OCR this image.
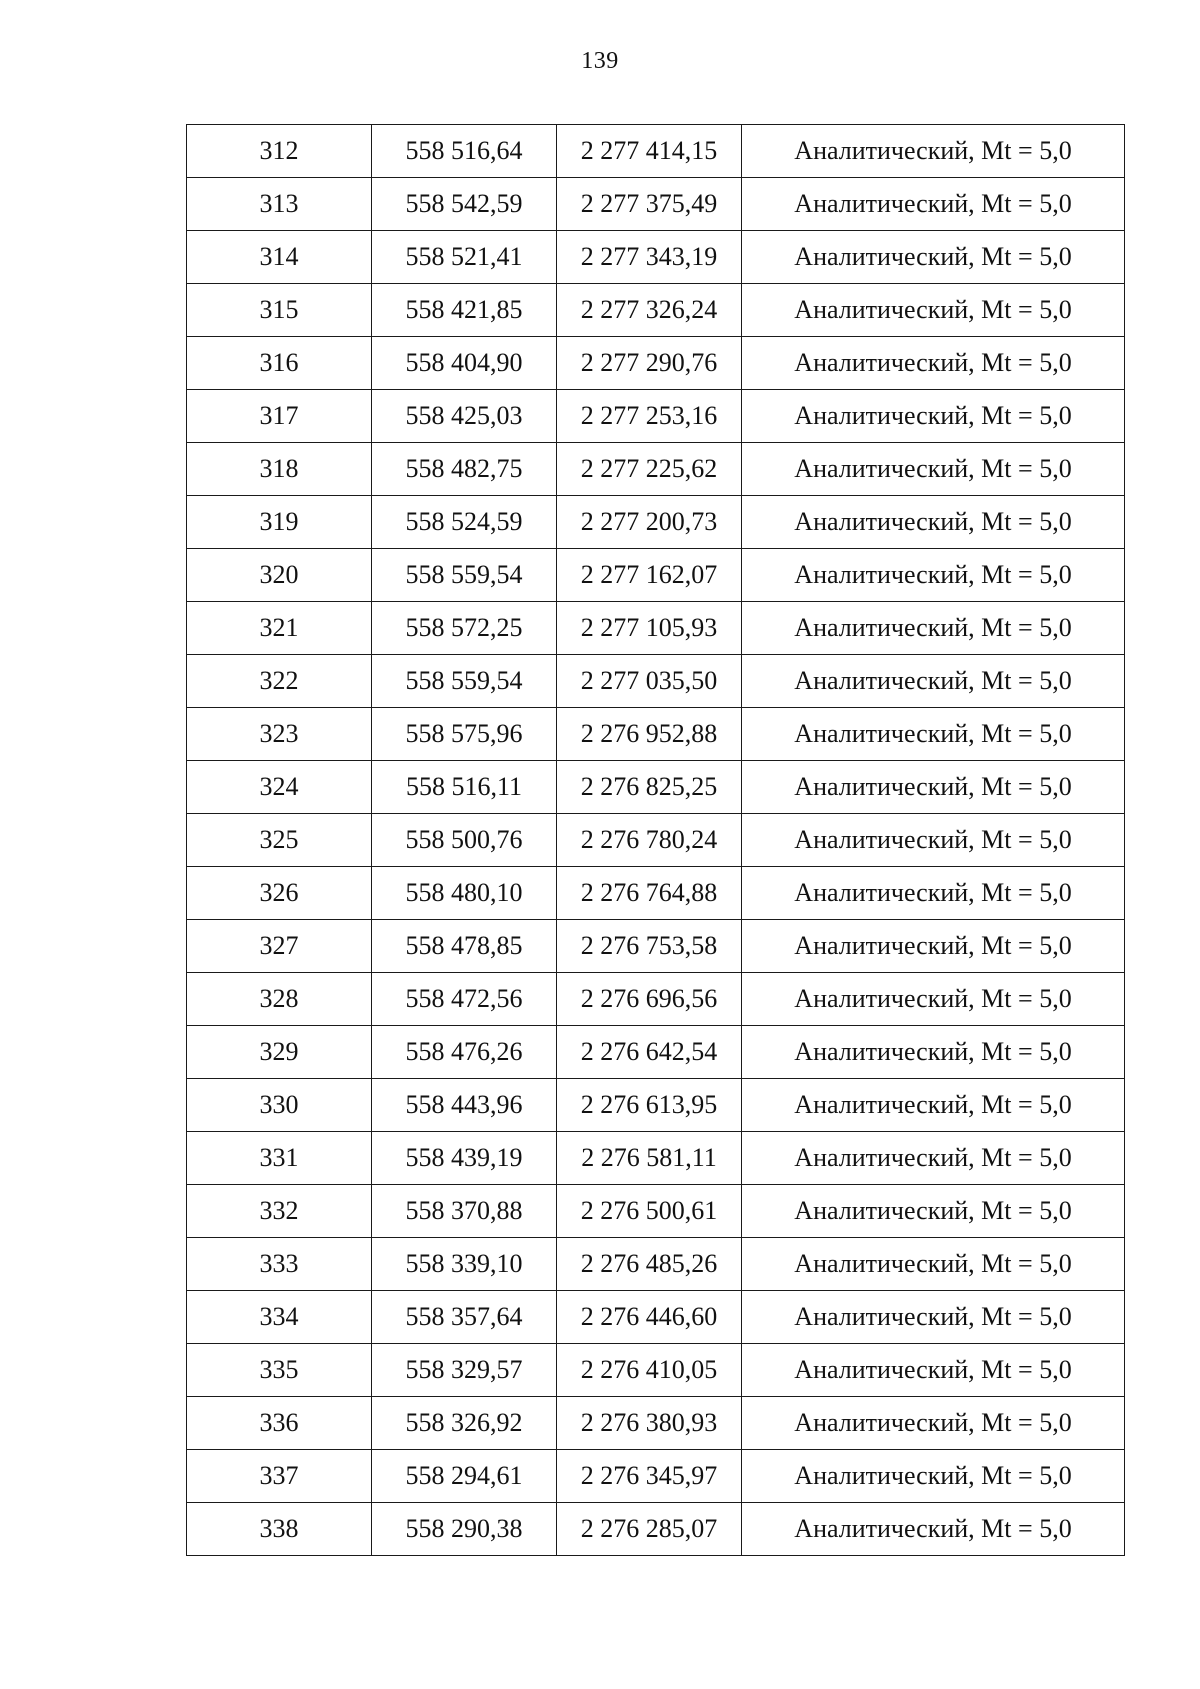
139
312	558 516,64	2 277 414,15	Аналитический, Mt = 5,0
313	558 542,59	2 277 375,49	Аналитический, Mt = 5,0
314	558 521,41	2 277 343,19	Аналитический, Mt = 5,0
315	558 421,85	2 277 326,24	Аналитический, Mt = 5,0
316	558 404,90	2 277 290,76	Аналитический, Mt = 5,0
317	558 425,03	2 277 253,16	Аналитический, Mt = 5,0
318	558 482,75	2 277 225,62	Аналитический, Mt = 5,0
319	558 524,59	2 277 200,73	Аналитический, Mt = 5,0
320	558 559,54	2 277 162,07	Аналитический, Mt = 5,0
321	558 572,25	2 277 105,93	Аналитический, Mt = 5,0
322	558 559,54	2 277 035,50	Аналитический, Mt = 5,0
323	558 575,96	2 276 952,88	Аналитический, Mt = 5,0
324	558 516,11	2 276 825,25	Аналитический, Mt = 5,0
325	558 500,76	2 276 780,24	Аналитический, Mt = 5,0
326	558 480,10	2 276 764,88	Аналитический, Mt = 5,0
327	558 478,85	2 276 753,58	Аналитический, Mt = 5,0
328	558 472,56	2 276 696,56	Аналитический, Mt = 5,0
329	558 476,26	2 276 642,54	Аналитический, Mt = 5,0
330	558 443,96	2 276 613,95	Аналитический, Mt = 5,0
331	558 439,19	2 276 581,11	Аналитический, Mt = 5,0
332	558 370,88	2 276 500,61	Аналитический, Mt = 5,0
333	558 339,10	2 276 485,26	Аналитический, Mt = 5,0
334	558 357,64	2 276 446,60	Аналитический, Mt = 5,0
335	558 329,57	2 276 410,05	Аналитический, Mt = 5,0
336	558 326,92	2 276 380,93	Аналитический, Mt = 5,0
337	558 294,61	2 276 345,97	Аналитический, Mt = 5,0
338	558 290,38	2 276 285,07	Аналитический, Mt = 5,0
